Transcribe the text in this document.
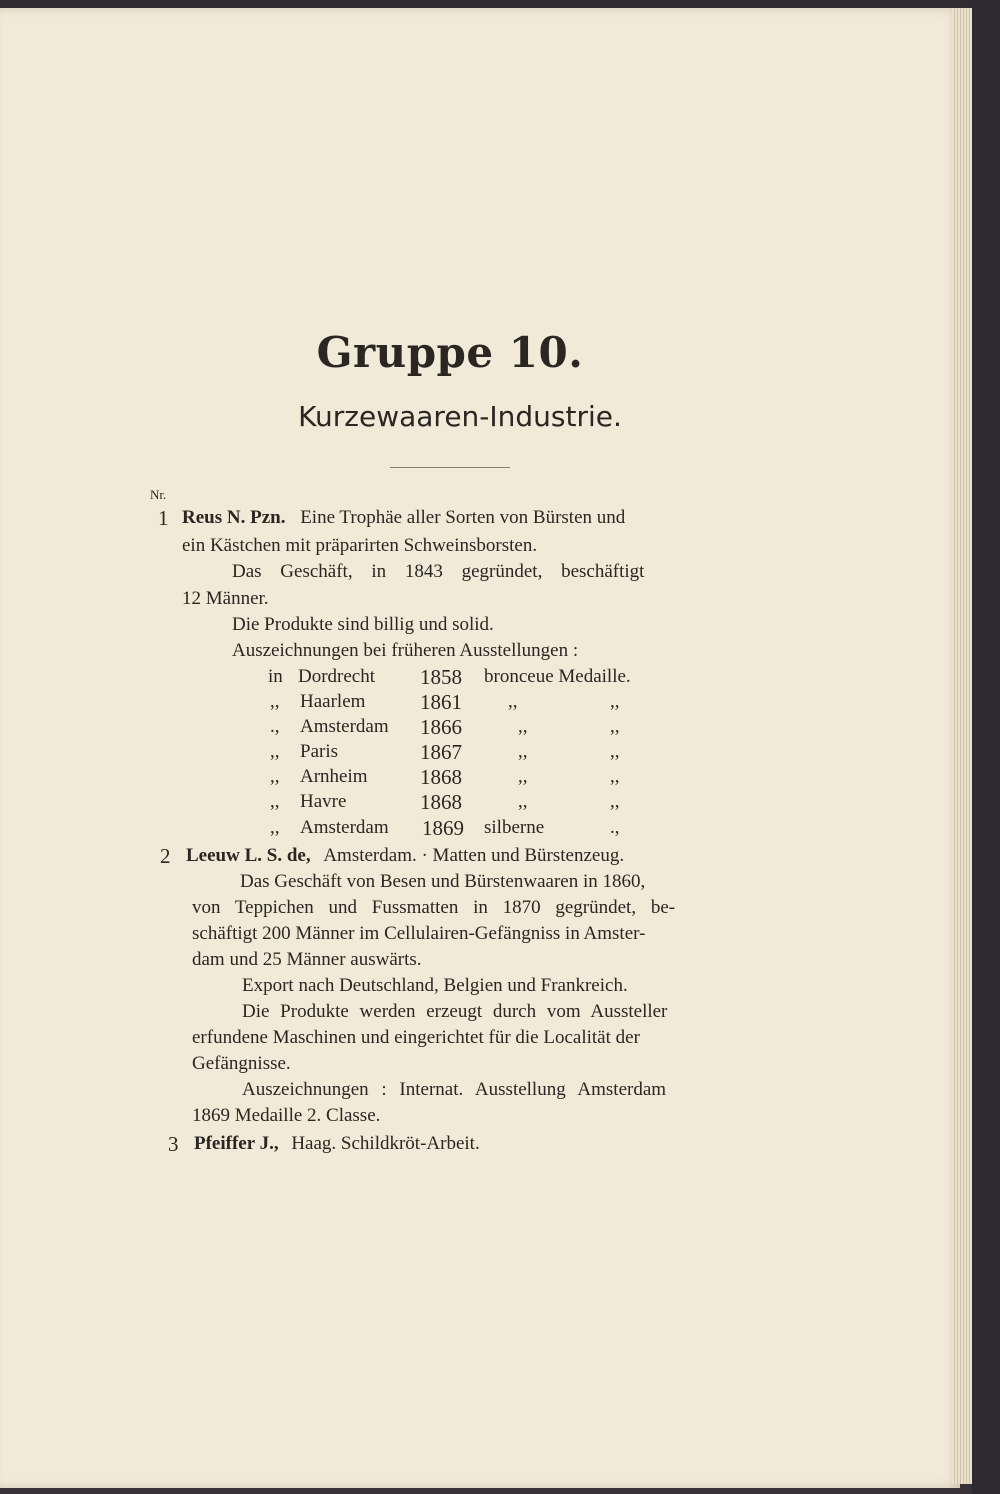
Gruppe 10.
Kurzewaaren-Industrie.
Nr.
1 Reus N. Pzn. Eine Trophäe aller Sorten von Bürsten und
ein Kästchen mit präparirten Schweinsborsten.
Das Geschäft, in 1843 gegründet, beschäftigt
12 Männer.
Die Produkte sind billig und solid.
Auszeichnungen bei früheren Ausstellungen :
in Dordrecht 1858 bronceue Medaille.
,, Haarlem	1861 ,,	,,
., Amsterdam 1866	,,	,,
,, Paris	1867	,,	,,
,, Arnheim 1868	,,	,,
,, Havre	1868	,,	,,
,, Amsterdam 1869 silberne	.,
2 Leeuw L. S. de, Amsterdam. · Matten und Bürstenzeug.
Das Geschäft von Besen und Bürstenwaaren in 1860,
von Teppichen und Fussmatten in 1870 gegründet, be-
schäftigt 200 Männer im Cellulairen-Gefängniss in Amster-
dam und 25 Männer auswärts.
Export nach Deutschland, Belgien und Frankreich.
Die Produkte werden erzeugt durch vom Aussteller
erfundene Maschinen und eingerichtet für die Localität der
Gefängnisse.
Auszeichnungen : Internat. Ausstellung Amsterdam
1869 Medaille 2. Classe.
3 Pfeiffer J., Haag. Schildkröt-Arbeit.
